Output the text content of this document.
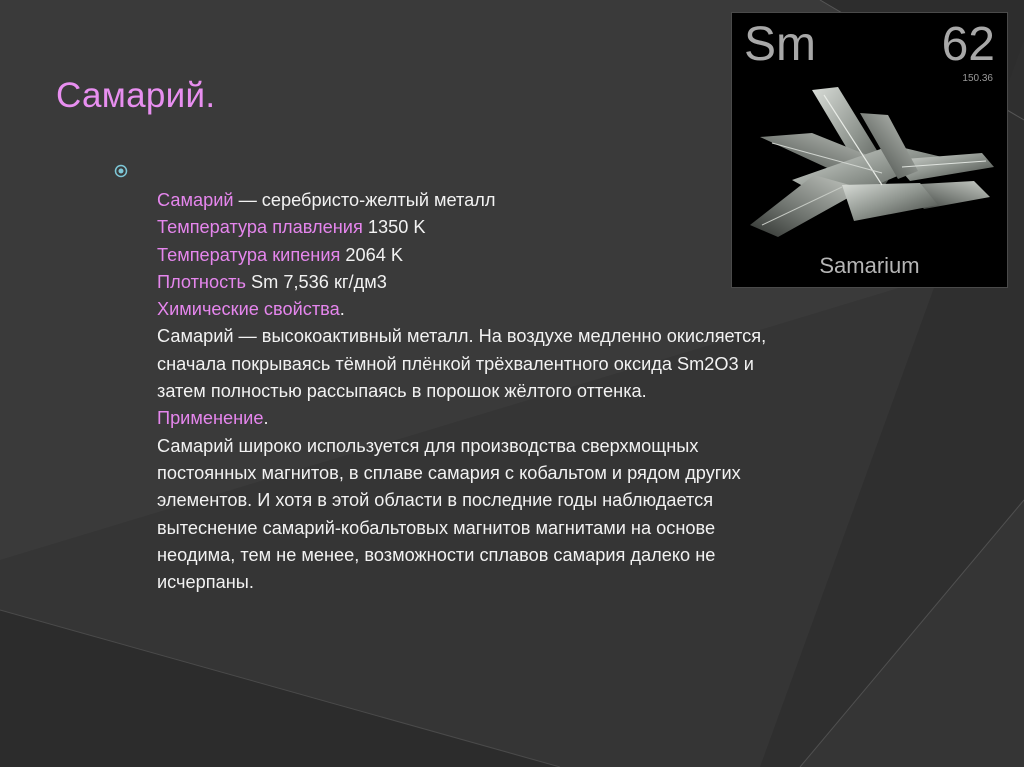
Самарий.
Самарий — серебристо-желтый металл
Температура плавления 1350 K
Температура кипения 2064 K
Плотность Sm 7,536 кг/дм3
Химические свойства.
Самарий — высокоактивный металл. На воздухе медленно окисляется,
сначала покрываясь тёмной плёнкой трёхвалентного оксида Sm2O3 и
затем полностью рассыпаясь в порошок жёлтого оттенка.
Применение.
Самарий широко используется для производства сверхмощных
постоянных магнитов, в сплаве самария с кобальтом и рядом других
элементов. И хотя в этой области в последние годы наблюдается
вытеснение самарий-кобальтовых магнитов магнитами на основе
неодима, тем не менее, возможности сплавов самария далеко не
исчерпаны.
Sm	62
150.36
Samarium
